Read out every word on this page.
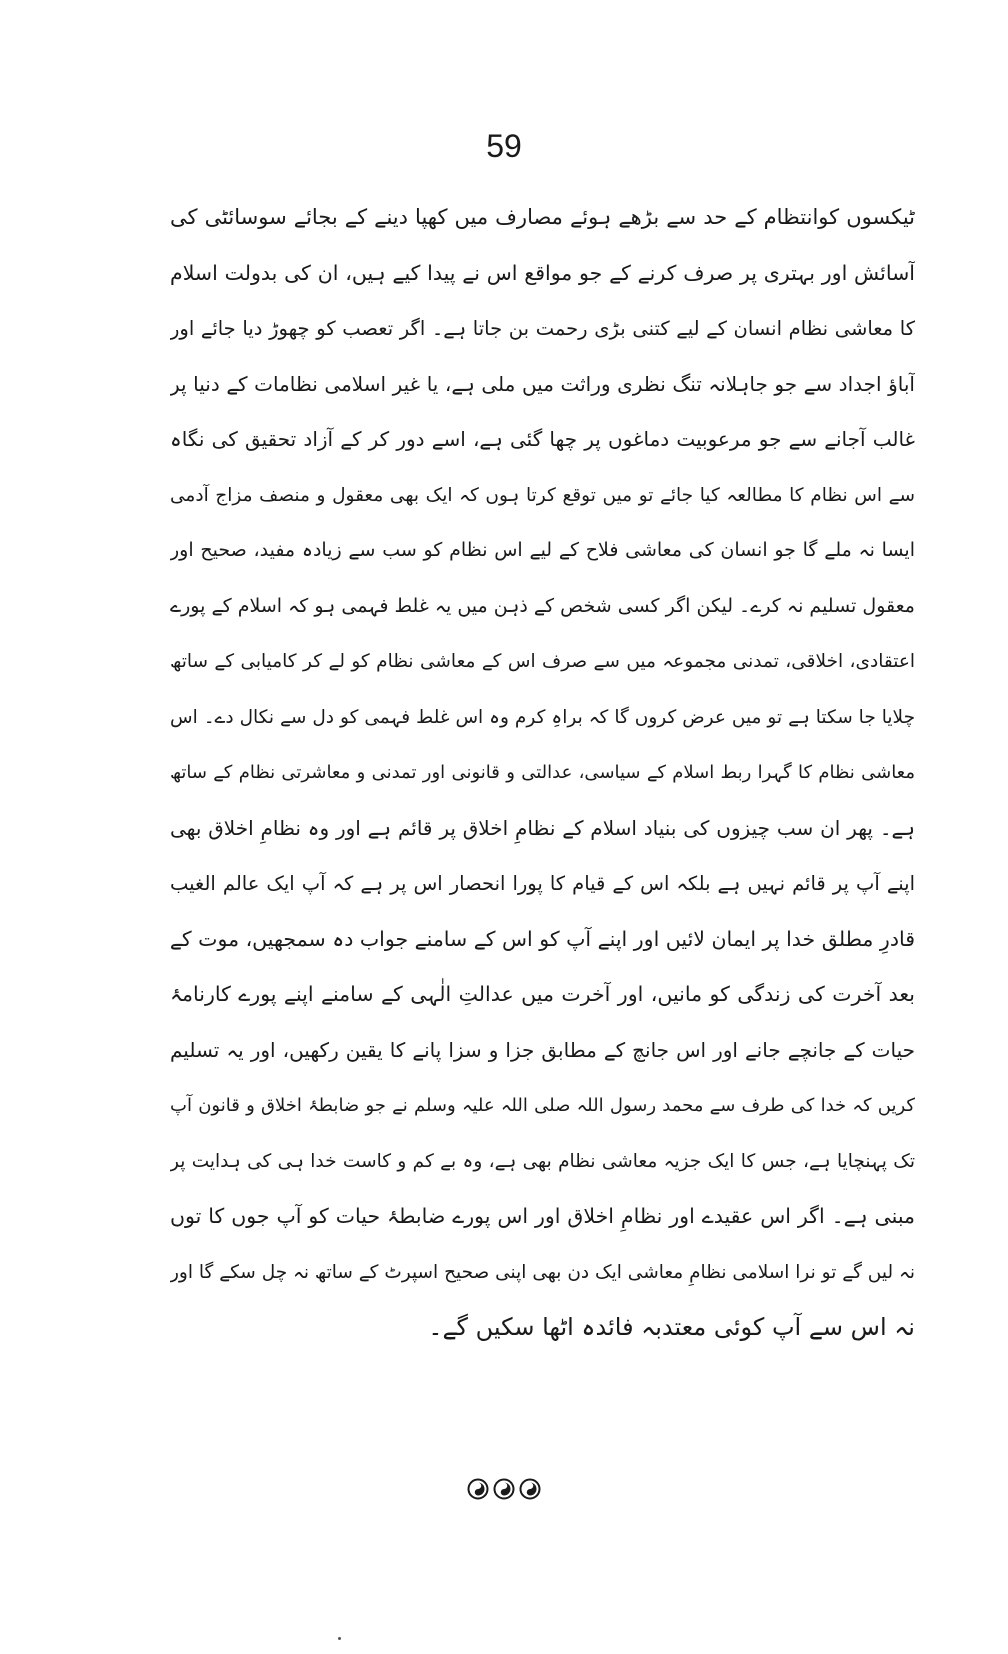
59
ٹیکسوں کوانتظام کے حد سے بڑھے ہوئے مصارف میں کھپا دینے کے بجائے سوسائٹی کی
آسائش اور بہتری پر صرف کرنے کے جو مواقع اس نے پیدا کیے ہیں، ان کی بدولت اسلام
کا معاشی نظام انسان کے لیے کتنی بڑی رحمت بن جاتا ہے۔ اگر تعصب کو چھوڑ دیا جائے اور
آباؤ اجداد سے جو جاہلانہ تنگ نظری وراثت میں ملی ہے، یا غیر اسلامی نظامات کے دنیا پر
غالب آجانے سے جو مرعوبیت دماغوں پر چھا گئی ہے، اسے دور کر کے آزاد تحقیق کی نگاہ
سے اس نظام کا مطالعہ کیا جائے تو میں توقع کرتا ہوں کہ ایک بھی معقول و منصف مزاج آدمی
ایسا نہ ملے گا جو انسان کی معاشی فلاح کے لیے اس نظام کو سب سے زیادہ مفید، صحیح اور
معقول تسلیم نہ کرے۔ لیکن اگر کسی شخص کے ذہن میں یہ غلط فہمی ہو کہ اسلام کے پورے
اعتقادی، اخلاقی، تمدنی مجموعہ میں سے صرف اس کے معاشی نظام کو لے کر کامیابی کے ساتھ
چلایا جا سکتا ہے تو میں عرض کروں گا کہ براہِ کرم وہ اس غلط فہمی کو دل سے نکال دے۔ اس
معاشی نظام کا گہرا ربط اسلام کے سیاسی، عدالتی و قانونی اور تمدنی و معاشرتی نظام کے ساتھ
ہے۔ پھر ان سب چیزوں کی بنیاد اسلام کے نظامِ اخلاق پر قائم ہے اور وہ نظامِ اخلاق بھی
اپنے آپ پر قائم نہیں ہے بلکہ اس کے قیام کا پورا انحصار اس پر ہے کہ آپ ایک عالم الغیب
قادرِ مطلق خدا پر ایمان لائیں اور اپنے آپ کو اس کے سامنے جواب دہ سمجھیں، موت کے
بعد آخرت کی زندگی کو مانیں، اور آخرت میں عدالتِ الٰہی کے سامنے اپنے پورے کارنامۂ
حیات کے جانچے جانے اور اس جانچ کے مطابق جزا و سزا پانے کا یقین رکھیں، اور یہ تسلیم
کریں کہ خدا کی طرف سے محمد رسول اللہ صلی اللہ علیہ وسلم نے جو ضابطۂ اخلاق و قانون آپ
تک پہنچایا ہے، جس کا ایک جزیہ معاشی نظام بھی ہے، وہ بے کم و کاست خدا ہی کی ہدایت پر
مبنی ہے۔ اگر اس عقیدے اور نظامِ اخلاق اور اس پورے ضابطۂ حیات کو آپ جوں کا توں
نہ لیں گے تو نرا اسلامی نظامِ معاشی ایک دن بھی اپنی صحیح اسپرٹ کے ساتھ نہ چل سکے گا اور
نہ اس سے آپ کوئی معتدبہ فائدہ اٹھا سکیں گے۔
